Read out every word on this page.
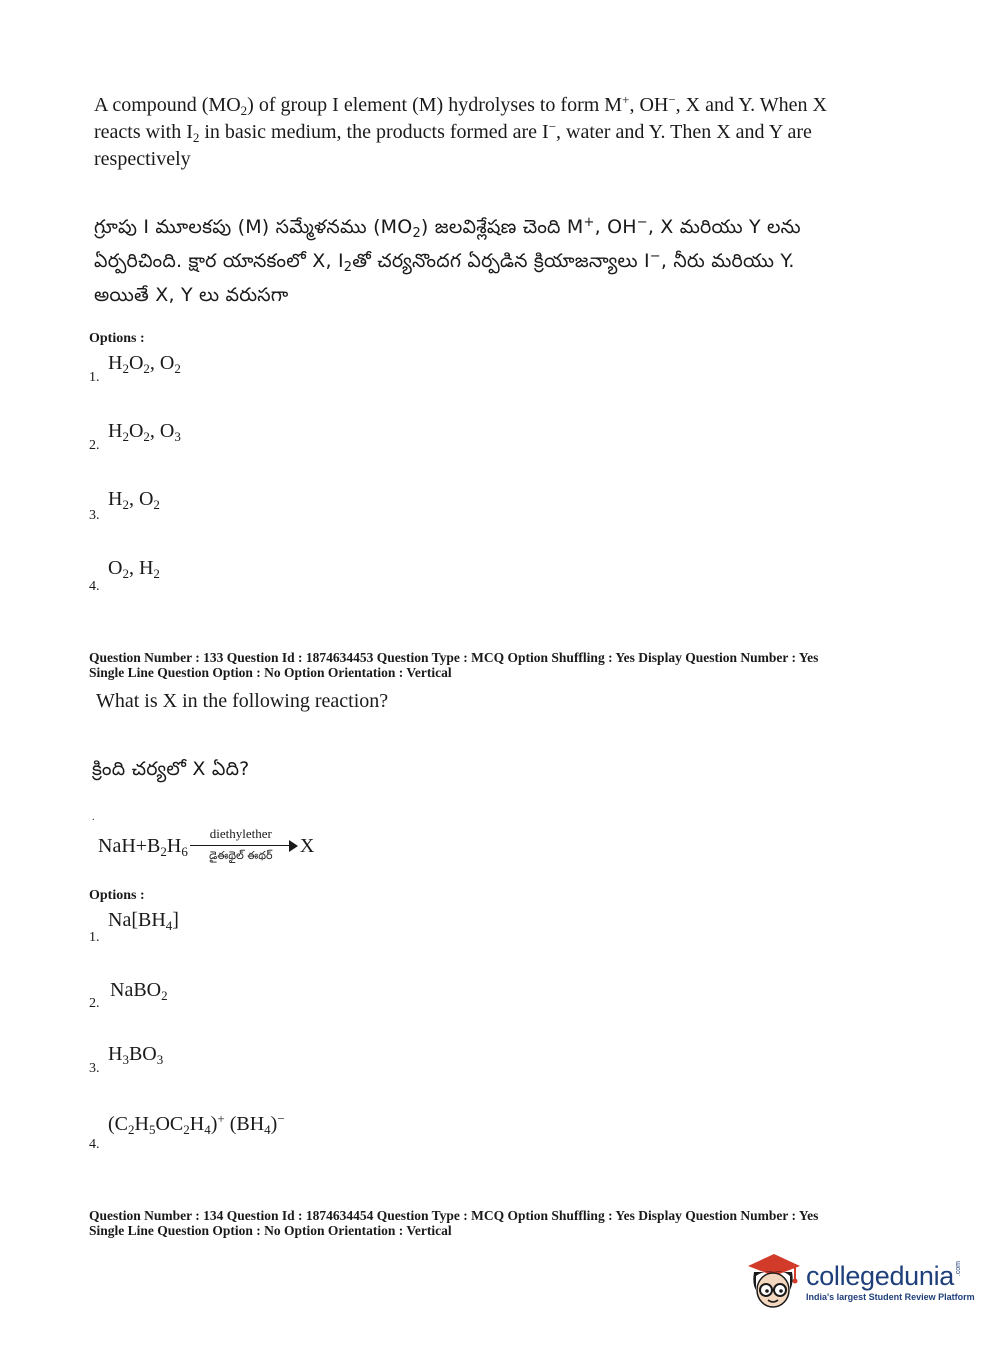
A compound $(MO_2)$ of group I element (M) hydrolyses to form M+, OH−, X and Y. When X reacts with $I_2$ in basic medium, the products formed are I−, water and Y. Then X and Y are respectively
గ్రూపు I మూలకపు (M) సమ్మేళనము $(MO_2)$ జలవిశ్లేషణ చెంది M+, OH−, X మరియు Y లను
ఏర్పరిచింది. క్షార యానకంలో X, $I_2తో$ చర్యనొందగ ఏర్పడిన క్రియాజన్యాలు I−, నీరు మరియు Y.
అయితే X, Y లు వరుసగా
Options :
1.
$H_2O_2$, $O_2$
2.
$H_2O_2$, $O_3$
3.
$H_2$, $O_2$
4.
$O_2$, $H_2$
Question Number : 133 Question Id : 1874634453 Question Type : MCQ Option Shuffling : Yes Display Question Number : Yes
Single Line Question Option : No Option Orientation : Vertical
What is X in the following reaction?
క్రింది చర్యలో X ఏది?
.
$NaH+B_2H_6$
diethylether
డైఈథైల్ ఈథర్	X
Options :
1.
$Na[BH_4]$
2.
NaBO$_2$
3.
$H_3BO_3$
4.
$(C_2H_5OC_2H_4)^+$ $(BH_4)^-$
Question Number : 134 Question Id : 1874634454 Question Type : MCQ Option Shuffling : Yes Display Question Number : Yes
Single Line Question Option : No Option Orientation : Vertical
collegedunia .com
India's largest Student Review Platform
